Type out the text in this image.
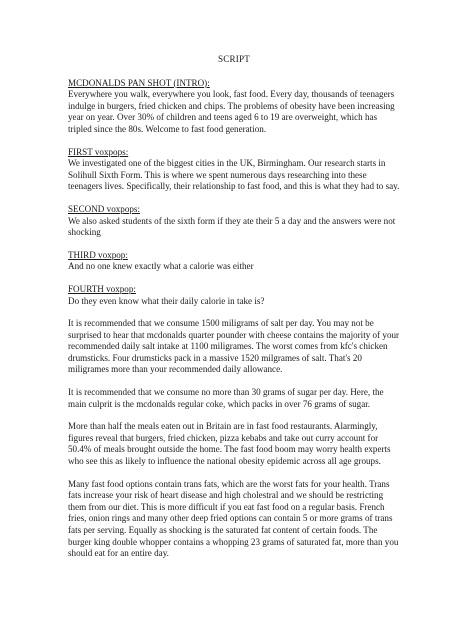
SCRIPT
MCDONALDS PAN SHOT (INTRO):
Everywhere you walk, everywhere you look, fast food. Every day, thousands of teenagers indulge in burgers, fried chicken and chips. The problems of obesity have been increasing year on year. Over 30% of children and teens aged 6 to 19 are overweight, which has tripled since the 80s. Welcome to fast food generation.
FIRST voxpops:
We investigated one of the biggest cities in the UK, Birmingham. Our research starts in Solihull Sixth Form. This is where we spent numerous days researching into these teenagers lives. Specifically, their relationship to fast food, and this is what they had to say.
SECOND voxpops:
We also asked students of the sixth form if they ate their 5 a day and the answers were not shocking
THIRD voxpop:
And no one knew exactly what a calorie was either
FOURTH voxpop:
Do they even know what their daily calorie in take is?
It is recommended that we consume 1500 miligrams of salt per day. You may not be surprised to hear that mcdonalds quarter pounder with cheese contains the majority of your recommended daily salt intake at 1100 miligrames. The worst comes from kfc's chicken drumsticks. Four drumsticks pack in a massive 1520 milgrames of salt. That's 20 miligrames more than your recommended daily allowance.
It is recommended that we consume no more than 30 grams of sugar per day. Here, the main culprit is the mcdonalds regular coke, which packs in over 76 grams of sugar.
More than half the meals eaten out in Britain are in fast food restaurants. Alarmingly, figures reveal that burgers, fried chicken, pizza kebabs and take out curry account for 50.4% of meals brought outside the home. The fast food boom may worry health experts who see this as likely to influence the national obesity epidemic across all age groups.
Many fast food options contain trans fats, which are the worst fats for your health. Trans fats increase your risk of heart disease and high cholestral and we should be restricting them from our diet. This is more difficult if you eat fast food on a regular basis. French fries, onion rings and many other deep fried options can contain 5 or more grams of trans fats per serving. Equally as shocking is the saturated fat content of certain foods. The burger king double whopper contains a whopping 23 grams of saturated fat, more than you should eat for an entire day.
